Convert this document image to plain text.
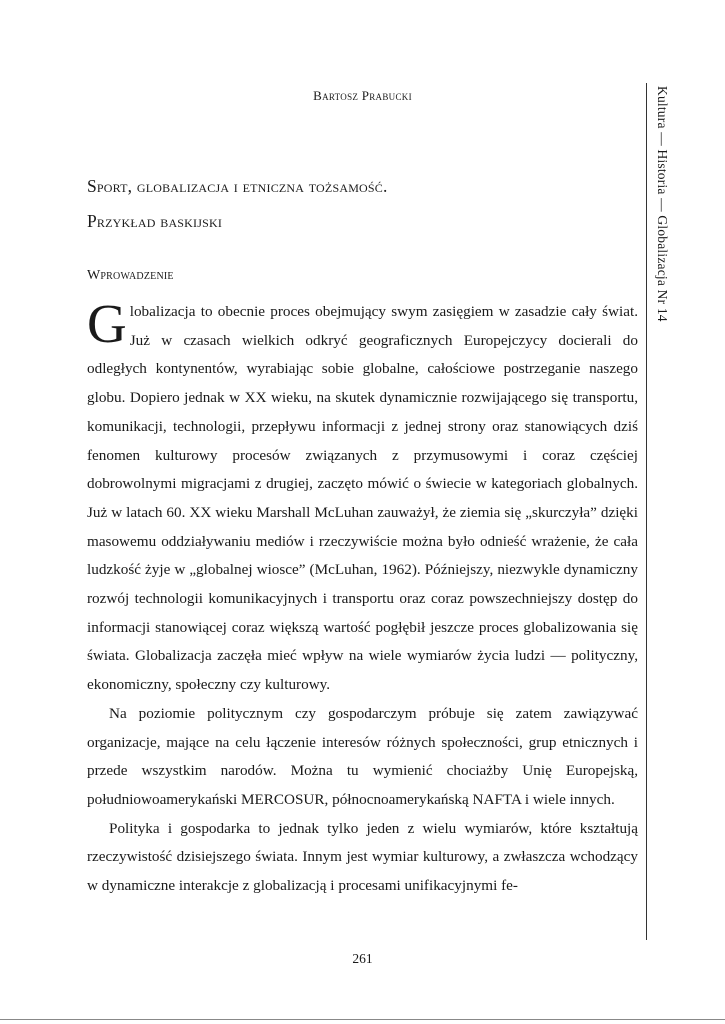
Bartosz Prabucki
Sport, globalizacja i etniczna tożsamość.
Przykład baskijski
Wprowadzenie

Globalizacja to obecnie proces obejmujący swym zasięgiem w zasadzie cały świat. Już w czasach wielkich odkryć geograficznych Europejczycy docierali do odległych kontynentów, wyrabiając sobie globalne, całościowe postrzeganie naszego globu. Dopiero jednak w XX wieku, na skutek dynamicznie rozwijającego się transportu, komunikacji, technologii, przepływu informacji z jednej strony oraz stanowiących dziś fenomen kulturowy procesów związanych z przymusowymi i coraz częściej dobrowolnymi migracjami z drugiej, zaczęto mówić o świecie w kategoriach globalnych. Już w latach 60. XX wieku Marshall McLuhan zauważył, że ziemia się „skurczyła” dzięki masowemu oddziaływaniu mediów i rzeczywiście można było odnieść wrażenie, że cała ludzkość żyje w „globalnej wiosce” (McLuhan, 1962). Późniejszy, niezwykle dynamiczny rozwój technologii komunikacyjnych i transportu oraz coraz powszechniejszy dostęp do informacji stanowiącej coraz większą wartość pogłębił jeszcze proces globalizowania się świata. Globalizacja zaczęła mieć wpływ na wiele wymiarów życia ludzi — polityczny, ekonomiczny, społeczny czy kulturowy.

Na poziomie politycznym czy gospodarczym próbuje się zatem zawiązywać organizacje, mające na celu łączenie interesów różnych społeczności, grup etnicznych i przede wszystkim narodów. Można tu wymienić chociażby Unię Europejską, południowoamerykański MERCOSUR, północnoamerykańską NAFTA i wiele innych.

Polityka i gospodarka to jednak tylko jeden z wielu wymiarów, które kształtują rzeczywistość dzisiejszego świata. Innym jest wymiar kulturowy, a zwłaszcza wchodzący w dynamiczne interakcje z globalizacją i procesami unifikacyjnymi fe-

Kultura — Historia — Globalizacja Nr 14
261
